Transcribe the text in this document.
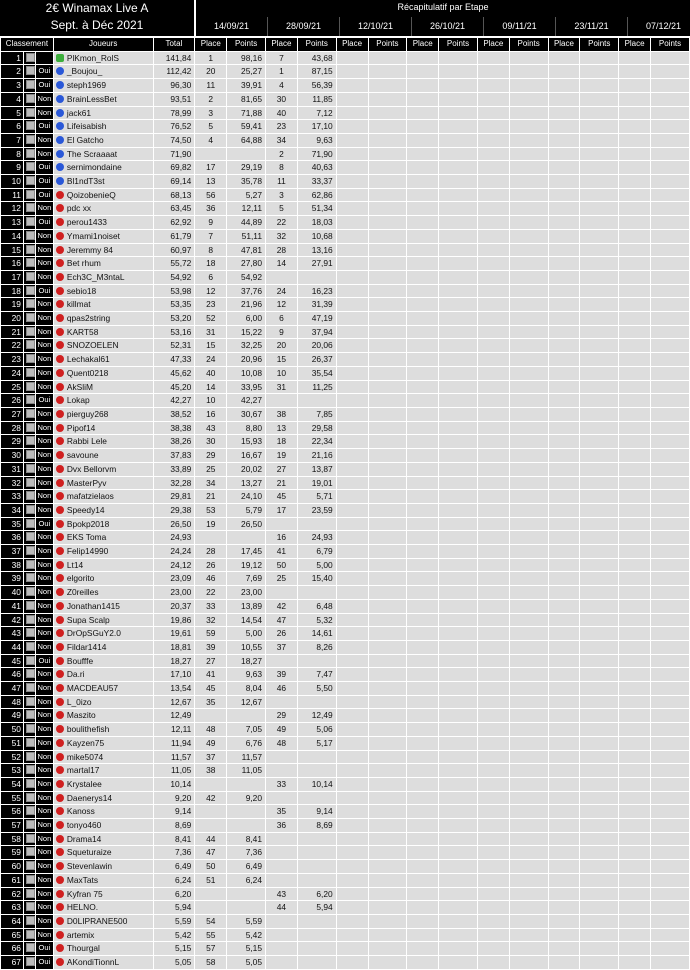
2€ Winamax Live A
Sept. à Déc 2021
Récapitulatif par Etape
14/09/21	28/09/21	12/10/21	26/10/21	09/11/21	23/11/21	07/12/21
Classement			Joueurs	Total	Place	Points	Place	Points	Place	Points	Place	Points	Place	Points	Place	Points	Place	Points
1			PlKmon_RolS	141,84	1	98,16	7	43,68										
2		Oui	_Boujou_	112,42	20	25,27	1	87,15										
3		Oui	steph1969	96,30	11	39,91	4	56,39										
4		Non	BrainLessBet	93,51	2	81,65	30	11,85										
5		Non	jack61	78,99	3	71,88	40	7,12										
6		Oui	Lifeisabish	76,52	5	59,41	23	17,10										
7		Non	El Gatcho	74,50	4	64,88	34	9,63										
8		Non	The Scraaaat	71,90			2	71,90										
9		Oui	sernimondaine	69,82	17	29,19	8	40,63										
10		Oui	Bl1ndT3st	69,14	13	35,78	11	33,37										
11		Oui	QoizobenieQ	68,13	56	5,27	3	62,86										
12		Non	pdc xx	63,45	36	12,11	5	51,34										
13		Oui	perou1433	62,92	9	44,89	22	18,03										
14		Non	Ymami1noiset	61,79	7	51,11	32	10,68										
15		Non	Jeremmy 84	60,97	8	47,81	28	13,16										
16		Non	Bet rhum	55,72	18	27,80	14	27,91										
17		Non	Ech3C_M3ntaL	54,92	6	54,92												
18		Oui	sebio18	53,98	12	37,76	24	16,23										
19		Non	killmat	53,35	23	21,96	12	31,39										
20		Non	qpas2string	53,20	52	6,00	6	47,19										
21		Non	KART58	53,16	31	15,22	9	37,94										
22		Non	SNOZOELEN	52,31	15	32,25	20	20,06										
23		Non	Lechakal61	47,33	24	20,96	15	26,37										
24		Non	Quent0218	45,62	40	10,08	10	35,54										
25		Non	AkSliM	45,20	14	33,95	31	11,25										
26		Oui	Lokap	42,27	10	42,27												
27		Non	pierguy268	38,52	16	30,67	38	7,85										
28		Non	Pipof14	38,38	43	8,80	13	29,58										
29		Non	Rabbi Lele	38,26	30	15,93	18	22,34										
30		Non	savoune	37,83	29	16,67	19	21,16										
31		Non	Dvx Bellorvm	33,89	25	20,02	27	13,87										
32		Non	MasterPyv	32,28	34	13,27	21	19,01										
33		Non	mafatzielaos	29,81	21	24,10	45	5,71										
34		Non	Speedy14	29,38	53	5,79	17	23,59										
35		Oui	Bpokp2018	26,50	19	26,50												
36		Non	EKS Toma	24,93			16	24,93										
37		Non	Felip14990	24,24	28	17,45	41	6,79										
38		Non	Lt14	24,12	26	19,12	50	5,00										
39		Non	elgorito	23,09	46	7,69	25	15,40										
40		Non	Z0reilles	23,00	22	23,00												
41		Non	Jonathan1415	20,37	33	13,89	42	6,48										
42		Non	Supa Scalp	19,86	32	14,54	47	5,32										
43		Non	DrOpSGuY2.0	19,61	59	5,00	26	14,61										
44		Non	Fildar1414	18,81	39	10,55	37	8,26										
45		Oui	Boufffe	18,27	27	18,27												
46		Non	Da.ri	17,10	41	9,63	39	7,47										
47		Non	MACDEAU57	13,54	45	8,04	46	5,50										
48		Non	L_0izo	12,67	35	12,67												
49		Non	Maszito	12,49			29	12,49										
50		Non	boulithefish	12,11	48	7,05	49	5,06										
51		Non	Kayzen75	11,94	49	6,76	48	5,17										
52		Non	mike5074	11,57	37	11,57												
53		Non	martal17	11,05	38	11,05												
54		Non	Krystalee	10,14			33	10,14										
55		Non	Daenerys14	9,20	42	9,20												
56		Non	Kanoss	9,14			35	9,14										
57		Non	tonyo460	8,69			36	8,69										
58		Non	Drama14	8,41	44	8,41												
59		Non	Squeturaize	7,36	47	7,36												
60		Non	Stevenlawin	6,49	50	6,49												
61		Non	MaxTats	6,24	51	6,24												
62		Non	Kyfran 75	6,20			43	6,20										
63		Non	HELNO.	5,94			44	5,94										
64		Non	D0LIPRANE500	5,59	54	5,59												
65		Non	artemix	5,42	55	5,42												
66		Oui	Thourgal	5,15	57	5,15												
67		Oui	AKondiTionnL	5,05	58	5,05												
